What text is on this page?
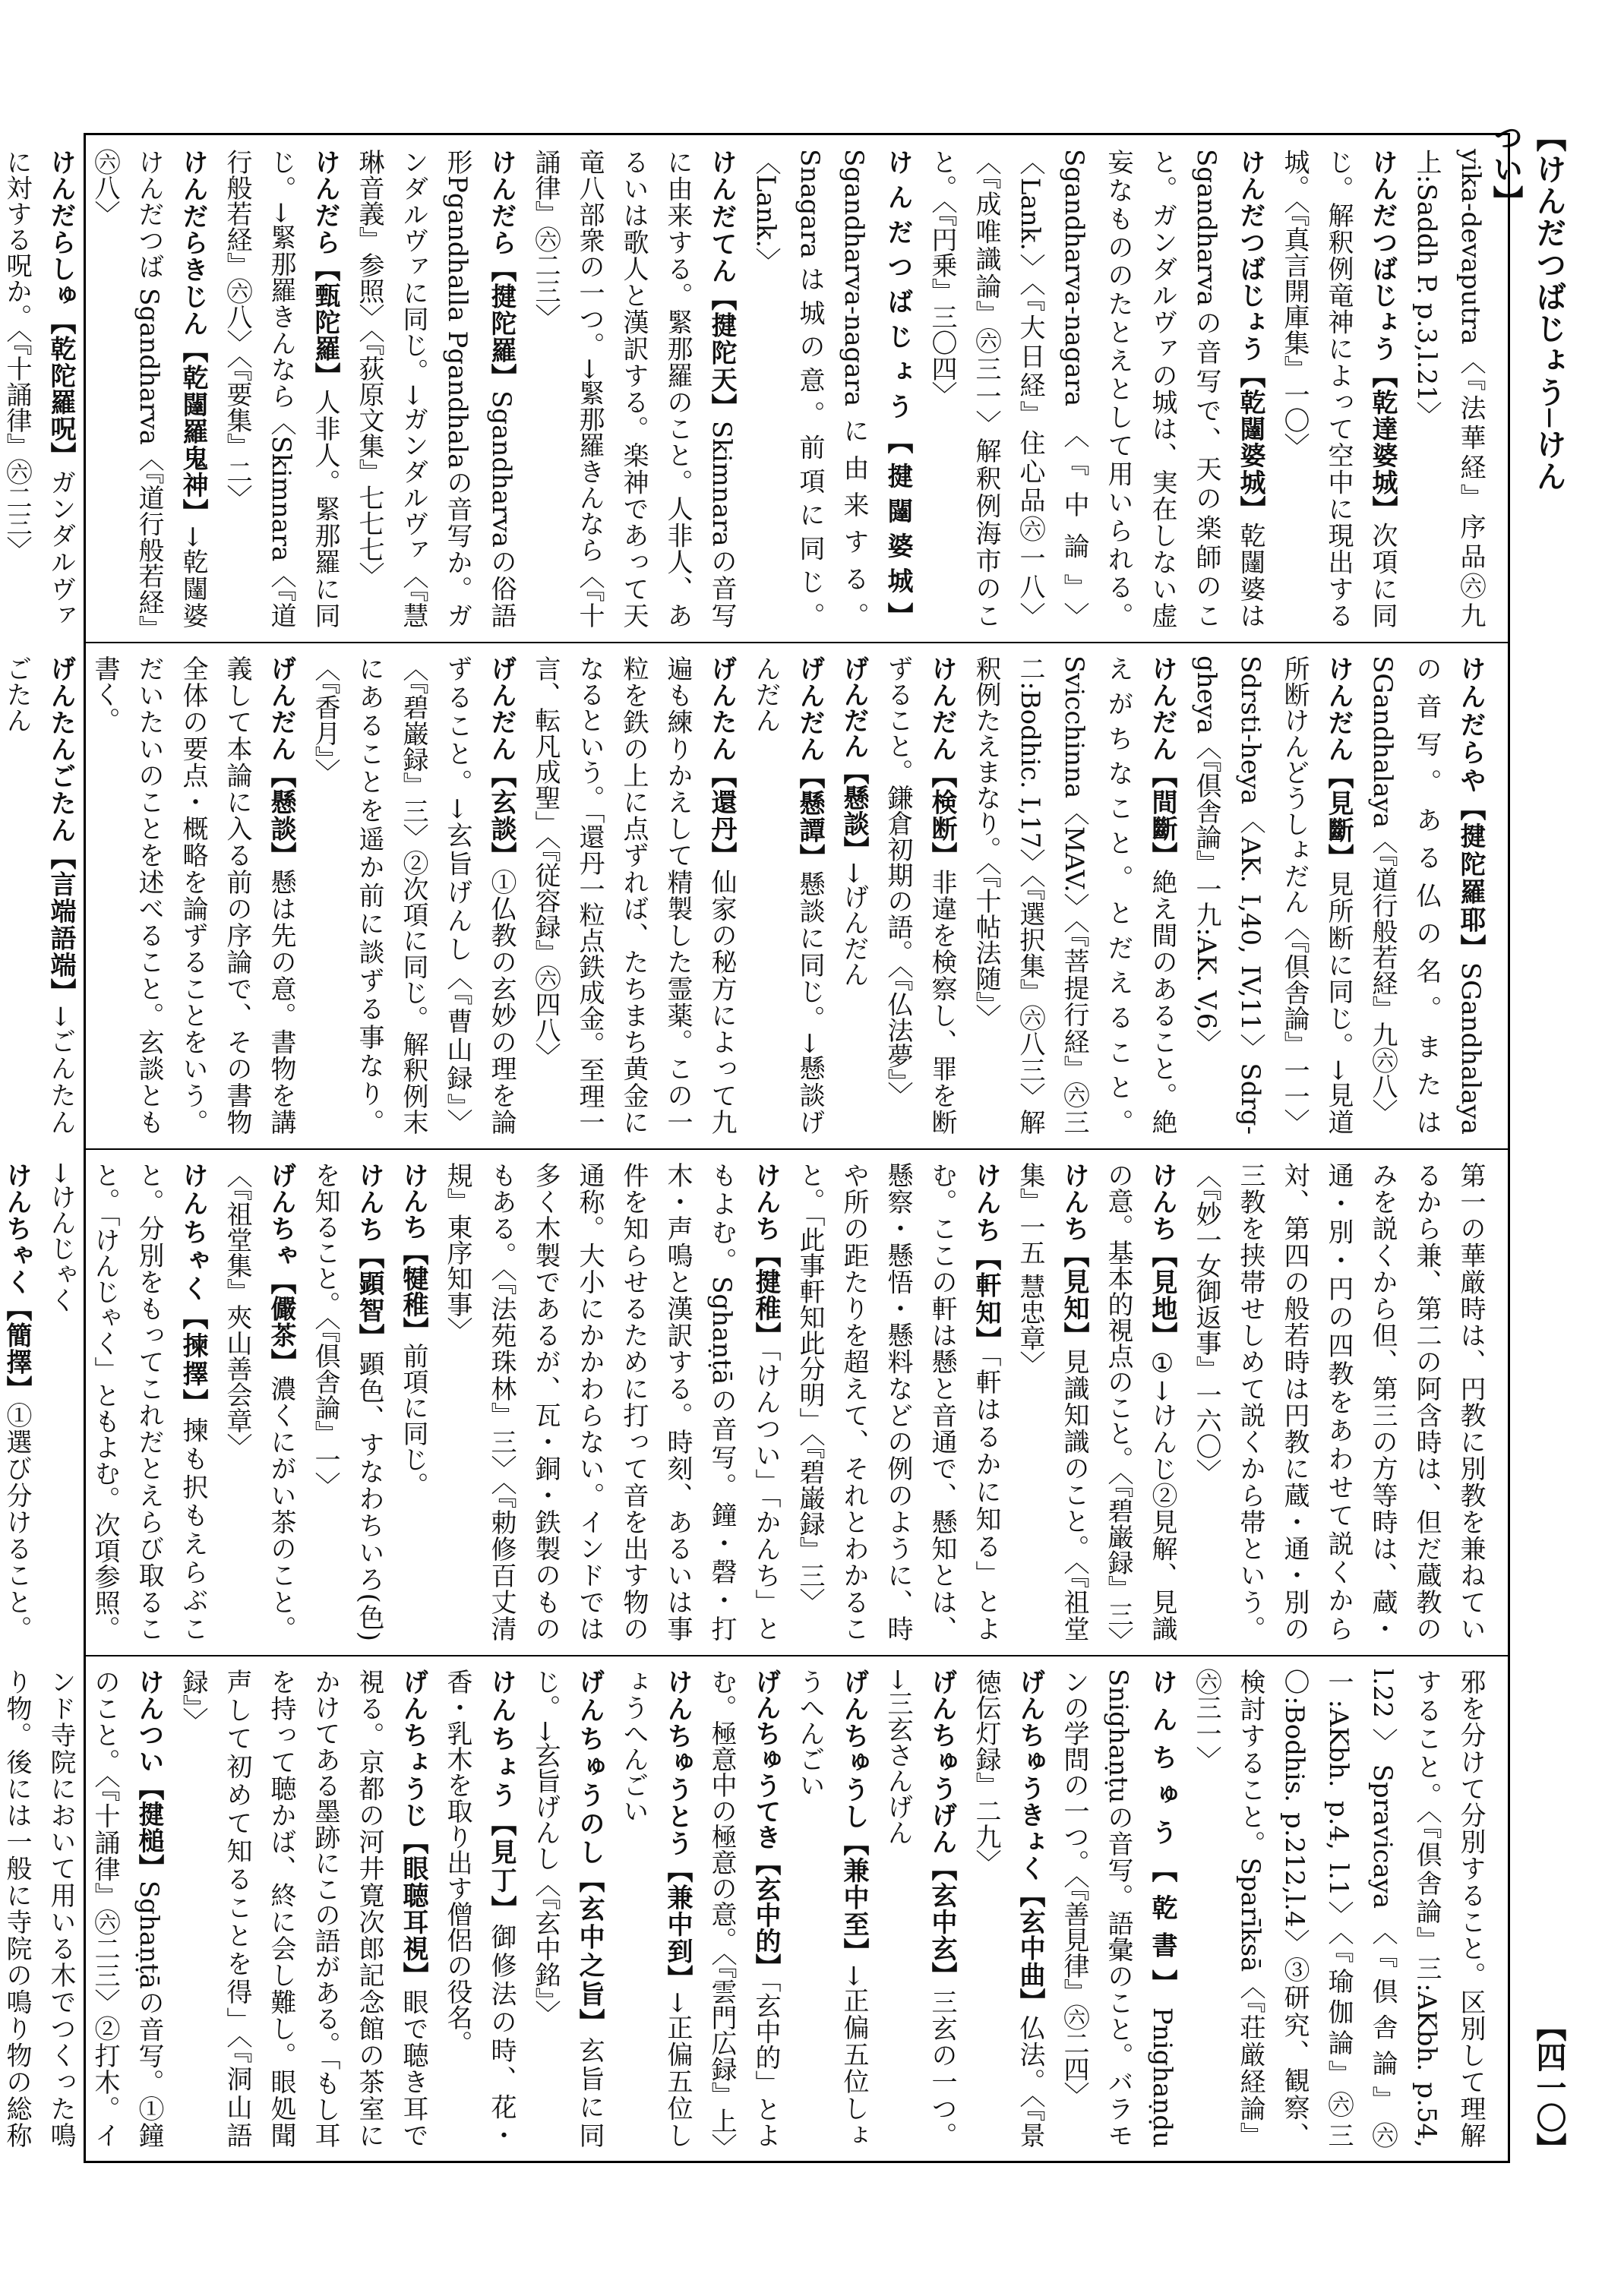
【けんだつばじょう─けんつい】
yika-devaputra〈『法華経』序品㊅九上:Saddh P. p.3,l.21〉
けんだつばじょう【乾達婆城】次項に同じ。解釈例竜神によって空中に現出する城。〈『真言開庫集』一〇〉
けんだつばじょう【乾闥婆城】乾闥婆はSgandharvaの音写で、天の楽師のこと。ガンダルヴァの城は、実在しない虚妄なもののたとえとして用いられる。Sgandharva-nagara〈『中論』〉〈Lank.〉〈『大日経』住心品㊅一八〉〈『成唯識論』㊅三一〉解釈例海市のこと。〈『円乗』三〇四〉
けんだつばじょう【揵闥婆城】Sgandharva-nagaraに由来する。Snagaraは城の意。前項に同じ。〈Lank.〉
けんだてん【揵陀天】Skimnaraの音写に由来する。緊那羅のこと。人非人、あるいは歌人と漢訳する。楽神であって天竜八部衆の一つ。→緊那羅きんなら〈『十誦律』㊅二三〉
けんだら【揵陀羅】Sgandharvaの俗語形Pgandhalla Pgandhalaの音写か。ガンダルヴァに同じ。→ガンダルヴァ〈『慧琳音義』参照〉〈『荻原文集』七七七〉
けんだら【甄陀羅】人非人。緊那羅に同じ。→緊那羅きんなら〈Skimnara〈『道行般若経』㊅八〉〈『要集』二〉
けんだらきじん【乾闥羅鬼神】→乾闥婆けんだつば Sgandharva〈『道行般若経』㊅八〉
けんだらしゅ【乾陀羅呪】ガンダルヴァに対する呪か。〈『十誦律』㊅二三〉
けんだらや【揵陀羅耶】SGandhalayaの音写。ある仏の名。またはSGandhalaya〈『道行般若経』九㊅八〉
けんだん【見斷】見所断に同じ。→見道所断けんどうしょだん〈『倶舎論』一一〉Sdrsti-heya〈AK. I,40, IV,11〉Sdrg-gheya〈『倶舎論』一九:AK. V,6〉
けんだん【間斷】絶え間のあること。絶えがちなこと。とだえること。Svicchinna〈MAV.〉〈『菩提行経』㊅三二:Bodhic. I,17〉〈『選択集』㊅八三〉解釈例たえまなり。〈『十帖法随』〉
けんだん【検断】非違を検察し、罪を断ずること。鎌倉初期の語。〈『仏法夢』〉
げんだん【懸談】→げんだん
げんだん【懸譚】懸談に同じ。→懸談げんだん
げんたん【還丹】仙家の秘方によって九遍も練りかえして精製した霊薬。この一粒を鉄の上に点ずれば、たちまち黄金になるという。「還丹一粒点鉄成金。至理一言、転凡成聖」〈『従容録』㊅四八〉
げんだん【玄談】①仏教の玄妙の理を論ずること。→玄旨げんし〈『曹山録』〉〈『碧巌録』三〉②次項に同じ。解釈例末にあることを遥か前に談ずる事なり。〈『香月』〉
げんだん【懸談】懸は先の意。書物を講義して本論に入る前の序論で、その書物全体の要点・概略を論ずることをいう。だいたいのことを述べること。玄談とも書く。
げんたんごたん【言端語端】→ごんたんごたん
第一の華厳時は、円教に別教を兼ねているから兼、第二の阿含時は、但だ蔵教のみを説くから但、第三の方等時は、蔵・通・別・円の四教をあわせて説くから対、第四の般若時は円教に蔵・通・別の三教を挟帯せしめて説くから帯という。〈『妙一女御返事』一六〇〉
けんち【見地】①→けんじ②見解、見識の意。基本的視点のこと。〈『碧巌録』三〉
けんち【見知】見識知識のこと。〈『祖堂集』一五 慧忠章〉
けんち【軒知】「軒はるかに知る」とよむ。ここの軒は懸と音通で、懸知とは、懸察・懸悟・懸料などの例のように、時や所の距たりを超えて、それとわかること。「此事軒知此分明」〈『碧巌録』三〉
けんち【揵稚】「けんつい」「かんち」ともよむ。Sghaṇṭāの音写。鐘・磬・打木・声鳴と漢訳する。時刻、あるいは事件を知らせるために打って音を出す物の通称。大小にかかわらない。インドでは多く木製であるが、瓦・銅・鉄製のものもある。〈『法苑珠林』三〉〈『勅修百丈清規』東序知事〉
けんち【犍稚】前項に同じ。
けんち【顕智】顕色、すなわちいろ(色)を知ること。〈『倶舎論』一〉
げんちゃ【儼茶】濃くにがい茶のこと。〈『祖堂集』夾山善会章〉
けんちゃく【揀擇】揀も択もえらぶこと。分別をもってこれだとえらび取ること。「けんじゃく」ともよむ。次項参照。→けんじゃく
けんちゃく【簡擇】①選び分けること。
邪を分けて分別すること。区別して理解すること。〈『倶舎論』三:AKbh. p.54, l.22〉Spravicaya〈『倶舎論』㊅一:AKbh. p.4, l.1〉〈『瑜伽論』㊅三〇:Bodhis. p.212,l.4〉③研究、観察、検討すること。Sparīksā〈『荘厳経論』㊅三一〉
けんちゅう【乾書】Pnighaṇḍu Snighaṇṭuの音写。語彙のこと。バラモンの学問の一つ。〈『善見律』㊅二四〉
げんちゅうきょく【玄中曲】仏法。〈『景徳伝灯録』二九〉
げんちゅうげん【玄中玄】三玄の一つ。→三玄さんげん
げんちゅうし【兼中至】→正偏五位しょうへんごい
げんちゅうてき【玄中的】「玄中的」とよむ。極意中の極意の意。〈『雲門広録』上〉
けんちゅうとう【兼中到】→正偏五位しょうへんごい
げんちゅうのし【玄中之旨】玄旨に同じ。→玄旨げんし〈『玄中銘』〉
けんちょう【見丁】御修法の時、花・香・乳木を取り出す僧侶の役名。
げんちょうじ【眼聴耳視】眼で聴き耳で視る。京都の河井寛次郎記念館の茶室にかけてある墨跡にこの語がある。「もし耳を持って聴かば、終に会し難し。眼処聞声して初めて知ることを得」〈『洞山語録』〉
けんつい【揵槌】Sghaṇṭāの音写。①鐘のこと。〈『十誦律』㊅二三〉②打木。インド寺院において用いる木でつくった鳴り物。後には一般に寺院の鳴り物の総称	【四一〇】
